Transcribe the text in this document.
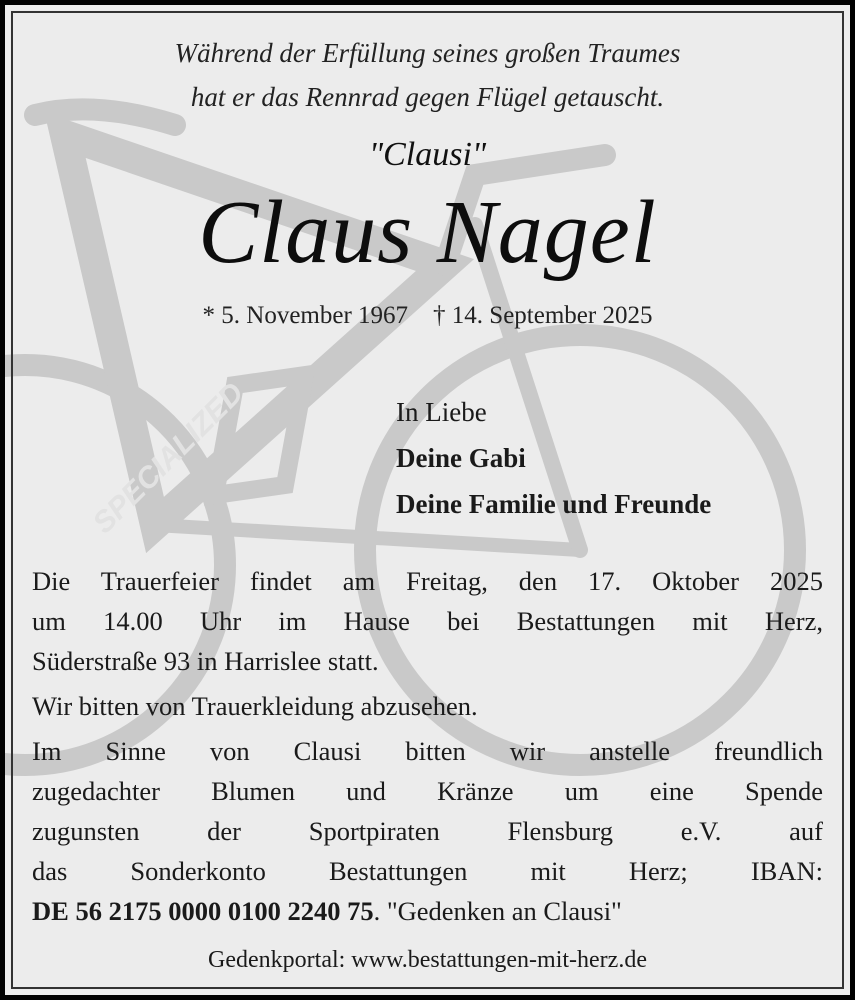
SPECIALIZED
Während der Erfüllung seines großen Traumes
hat er das Rennrad gegen Flügel getauscht.
"Clausi"
Claus Nagel
* 5. November 1967 † 14. September 2025
In Liebe
Deine Gabi
Deine Familie und Freunde
Die Trauerfeier findet am Freitag, den 17. Oktober 2025
um 14.00 Uhr im Hause bei Bestattungen mit Herz,
Süderstraße 93 in Harrislee statt.
Wir bitten von Trauerkleidung abzusehen.
Im Sinne von Clausi bitten wir anstelle freundlich
zugedachter Blumen und Kränze um eine Spende
zugunsten der Sportpiraten Flensburg e.V. auf
das Sonderkonto Bestattungen mit Herz; IBAN:
DE 56 2175 0000 0100 2240 75. "Gedenken an Clausi"
Gedenkportal: www.bestattungen-mit-herz.de
